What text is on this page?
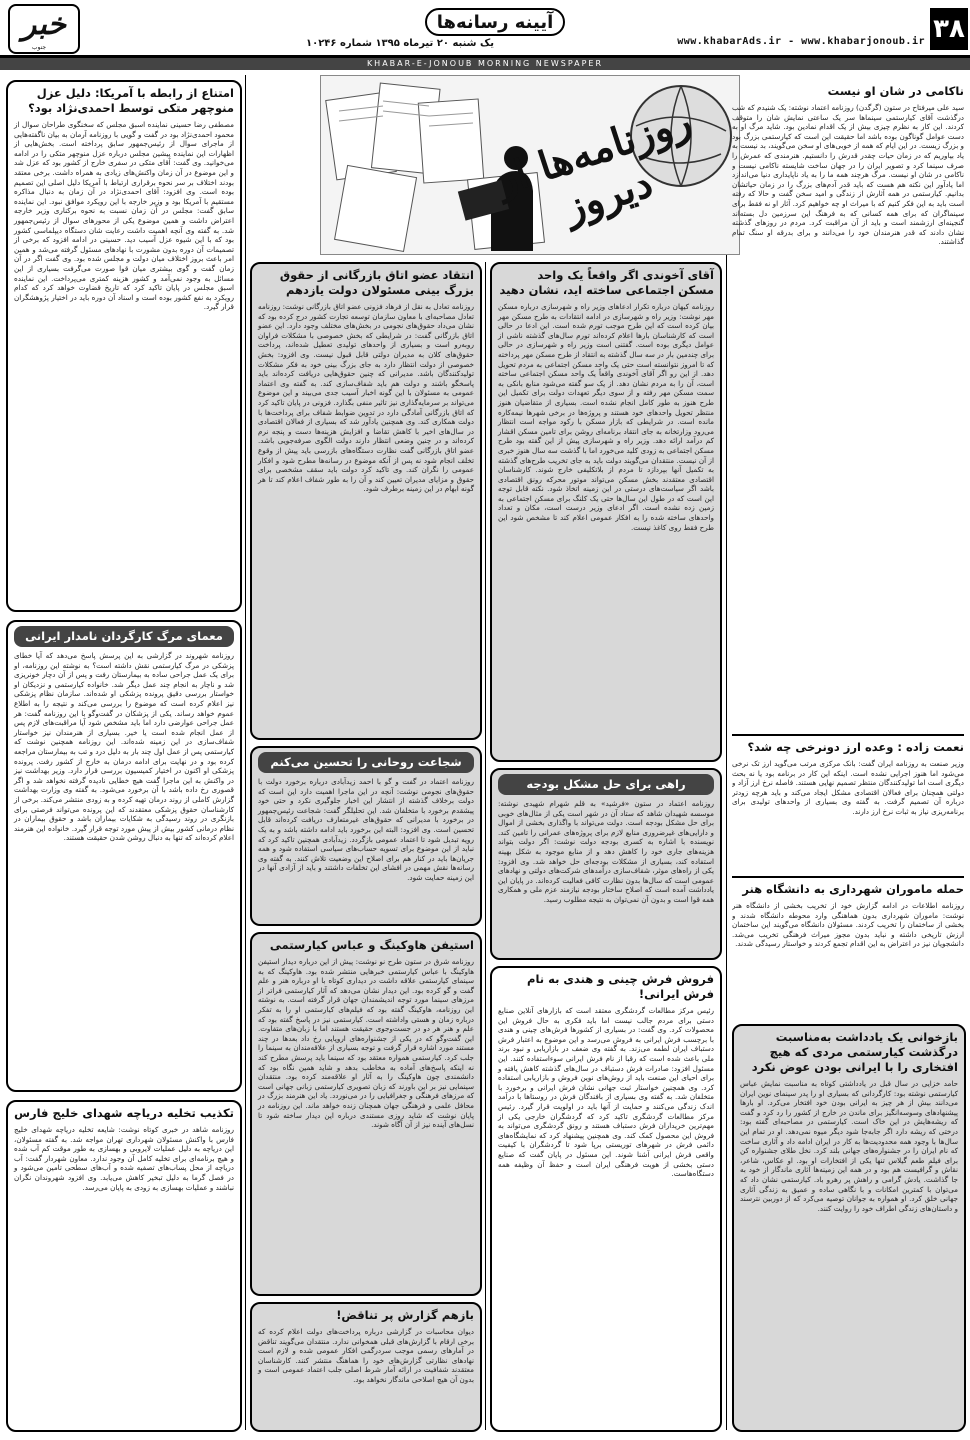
۳۸
www.khabarAds.ir - www.khabarjonoub.ir
آیینه رسانه‌ها
یک شنبه ۲۰ تیرماه ۱۳۹۵ شماره ۱۰۲۴۶
خبر
جنوب
KHABAR-E-JONOUB MORNING NEWSPAPER
روزنامه‌ها از دیروز
ناکامی در شان او نیست

سید علی میرفتاح در ستون (گرگدن) روزنامه اعتماد نوشته: یک شنیدم که شب درگذشت آقای کیارستمی سینماها سر یک ساعتی نمایش شان را متوقف کردند. این کار به نظرم چیزی بیش از یک اقدام نمادین بود. شاید مرگ او به دست عوامل گوناگون بوده باشد اما حقیقت این است که کیارستمی بزرگ بود و بزرگ زیست. در این ایام که همه از خوبی‌های او سخن می‌گویند، بد نیست به یاد بیاوریم که در زمان حیات چقدر قدرش را دانستیم. هنرمندی که عمرش را صرف سینما کرد و تصویر ایران را در جهان ساخت شایسته ناکامی نیست و ناکامی در شان او نیست. مرگ هرچند همه ما را به یاد ناپایداری دنیا می‌اندازد اما یادآور این نکته هم هست که باید قدر آدم‌های بزرگ را در زمان حیاتشان بدانیم. کیارستمی در همه آثارش از زندگی و امید سخن گفت و حالا که رفته است باید به این فکر کنیم که با میراث او چه خواهیم کرد. آثار او نه فقط برای سینماگران که برای همه کسانی که به فرهنگ این سرزمین دل بسته‌اند گنجینه‌ای ارزشمند است و باید از آن مراقبت کرد. مردم در روزهای گذشته نشان دادند که قدر هنرمندان خود را می‌دانند و برای بدرقه او سنگ تمام گذاشتند.

نعمت زاده : وعده ارز دونرخی چه شد؟

وزیر صنعت به روزنامه ایران گفت: بانک مرکزی مرتب می‌گوید ارز تک نرخی می‌شود اما هنوز اجرایی نشده است. اینکه این کار در برنامه بود یا نه بحث دیگری است اما تولیدکنندگان منتظر تصمیم نهایی هستند. فاصله نرخ ارز آزاد و دولتی همچنان برای فعالان اقتصادی مشکل ایجاد می‌کند و باید هرچه زودتر درباره آن تصمیم گرفت. به گفته وی بسیاری از واحدهای تولیدی برای برنامه‌ریزی نیاز به ثبات نرخ ارز دارند.

حمله ماموران شهرداری به دانشگاه هنر

روزنامه اطلاعات در ادامه گزارش خود از تخریب بخشی از دانشگاه هنر نوشت: ماموران شهرداری بدون هماهنگی وارد محوطه دانشگاه شدند و بخشی از ساختمان را تخریب کردند. مسئولان دانشگاه می‌گویند این ساختمان ارزش تاریخی داشته و نباید بدون مجوز میراث فرهنگی تخریب می‌شد. دانشجویان نیز در اعتراض به این اقدام تجمع کردند و خواستار رسیدگی شدند.

بازخوانی یک یادداشت به‌مناسبت درگذشت کیارستمی مردی که هیچ افتخاری را با ایرانی بودن عوض نکرد

حامد خزایی در سال قبل در یادداشتی کوتاه به مناسبت نمایش عباس کیارستمی نوشته بود: کارگردانی که بسیاری او را پدر سینمای نوین ایران می‌دانند بیش از هر چیز به ایرانی بودن خود افتخار می‌کرد. او بارها پیشنهادهای وسوسه‌انگیز برای ماندن در خارج از کشور را رد کرد و گفت که ریشه‌هایش در این خاک است. کیارستمی در مصاحبه‌ای گفته بود: درختی که ریشه دارد اگر جابه‌جا شود دیگر میوه نمی‌دهد. او در تمام این سال‌ها با وجود همه محدودیت‌ها به کار در ایران ادامه داد و آثاری ساخت که نام ایران را در جشنواره‌های جهانی بلند کرد. نخل طلای جشنواره کن برای فیلم طعم گیلاس تنها یکی از افتخارات او بود. او عکاس، شاعر، نقاش و گرافیست هم بود و در همه این زمینه‌ها آثاری ماندگار از خود به جا گذاشت. یادش گرامی و راهش پر رهرو باد. کیارستمی نشان داد که می‌توان با کمترین امکانات و با نگاهی ساده و عمیق به زندگی آثاری جهانی خلق کرد. او همواره به جوانان توصیه می‌کرد که از دوربین نترسند و داستان‌های زندگی اطراف خود را روایت کنند.

آقای آخوندی اگر واقعاً یک واحد مسکن اجتماعی ساخته اید، نشان دهید

روزنامه کیهان درباره تکرار ادعاهای وزیر راه و شهرسازی درباره مسکن مهر نوشت: وزیر راه و شهرسازی در ادامه انتقادات به طرح مسکن مهر بیان کرده است که این طرح موجب تورم شده است. این ادعا در حالی است که کارشناسان بارها اعلام کرده‌اند تورم سال‌های گذشته ناشی از عوامل دیگری بوده است. گفتنی است وزیر راه و شهرسازی در حالی برای چندمین بار در سه سال گذشته به انتقاد از طرح مسکن مهر پرداخته که تا امروز نتوانسته است حتی یک واحد مسکن اجتماعی به مردم تحویل دهد. از این رو اگر آقای آخوندی واقعاً یک واحد مسکن اجتماعی ساخته است، آن را به مردم نشان دهد. از یک سو گفته می‌شود منابع بانکی به سمت مسکن مهر رفته و از سوی دیگر تعهدات دولت برای تکمیل این طرح هنوز به طور کامل انجام نشده است. بسیاری از متقاضیان هنوز منتظر تحویل واحدهای خود هستند و پروژه‌ها در برخی شهرها نیمه‌کاره مانده است. در شرایطی که بازار مسکن با رکود مواجه است انتظار می‌رود وزارتخانه به جای انتقاد برنامه‌ای روشن برای تامین مسکن اقشار کم درآمد ارائه دهد. وزیر راه و شهرسازی پیش از این گفته بود طرح مسکن اجتماعی به زودی کلید می‌خورد اما با گذشت سه سال هنوز خبری از آن نیست. منتقدان می‌گویند دولت باید به جای تخریب طرح‌های گذشته به تکمیل آنها بپردازد تا مردم از بلاتکلیفی خارج شوند. کارشناسان اقتصادی معتقدند بخش مسکن می‌تواند موتور محرکه رونق اقتصادی باشد اگر سیاست‌های درستی در این زمینه اتخاذ شود. نکته قابل توجه این است که در طول این سال‌ها حتی یک کلنگ برای مسکن اجتماعی به زمین زده نشده است. اگر ادعای وزیر درست است، مکان و تعداد واحدهای ساخته شده را به افکار عمومی اعلام کند تا مشخص شود این طرح فقط روی کاغذ نیست.

راهی برای حل مشکل بودجه

روزنامه اعتماد در ستون «فرشید» به قلم شهرام شهیدی نوشته: موسسه شهیدان شاهد که ستاد آن در شهر است یکی از مثال‌های خوبی برای حل مشکل بودجه است. دولت می‌تواند با واگذاری بخشی از اموال و دارایی‌های غیرضروری منابع لازم برای پروژه‌های عمرانی را تامین کند. نویسنده با اشاره به کسری بودجه دولت نوشت: اگر دولت بتواند هزینه‌های جاری خود را کاهش دهد و از منابع موجود به شکل بهینه استفاده کند، بسیاری از مشکلات بودجه‌ای حل خواهد شد. وی افزود: یکی از راه‌های موثر، شفاف‌سازی درآمدهای شرکت‌های دولتی و نهادهای عمومی است که سال‌ها بدون نظارت کافی فعالیت کرده‌اند. در پایان این یادداشت آمده است که اصلاح ساختار بودجه نیازمند عزم ملی و همکاری همه قوا است و بدون آن نمی‌توان به نتیجه مطلوب رسید.

فروش فرش چینی و هندی به نام فرش ایرانی!

رئیس مرکز مطالعات گردشگری معتقد است که بازارهای آنلاین صنایع دستی برای مردم جالب نیست اما باید فکری به حال فروش این محصولات کرد. وی گفت: در بسیاری از کشورها فرش‌های چینی و هندی با برچسب فرش ایرانی به فروش می‌رسد و این موضوع به اعتبار فرش دستباف ایران لطمه می‌زند. به گفته وی ضعف در بازاریابی و نبود برند ملی باعث شده است که رقبا از نام فرش ایرانی سوءاستفاده کنند. این مسئول افزود: صادرات فرش دستباف در سال‌های گذشته کاهش یافته و برای احیای این صنعت باید از روش‌های نوین فروش و بازاریابی استفاده کرد. وی همچنین خواستار ثبت جهانی نشان فرش ایرانی و برخورد با متخلفان شد. به گفته وی بسیاری از بافندگان فرش در روستاها با درآمد اندک زندگی می‌کنند و حمایت از آنها باید در اولویت قرار گیرد. رئیس مرکز مطالعات گردشگری تاکید کرد که گردشگران خارجی یکی از مهم‌ترین خریداران فرش دستباف هستند و رونق گردشگری می‌تواند به فروش این محصول کمک کند. وی همچنین پیشنهاد کرد که نمایشگاه‌های دائمی فرش در شهرهای توریستی برپا شود تا گردشگران با کیفیت واقعی فرش ایرانی آشنا شوند. این مسئول در پایان گفت که صنایع دستی بخشی از هویت فرهنگی ایران است و حفظ آن وظیفه همه دستگاه‌هاست.

انتقاد عضو اتاق بازرگانی از حقوق بزرگ بینی مسئولان دولت یازدهم

روزنامه تعادل به نقل از فرهاد فزونی عضو اتاق بازرگانی نوشت: روزنامه تعادل مصاحبه‌ای با معاون سازمان توسعه تجارت کشور درج کرده بود که نشان می‌داد حقوق‌های نجومی در بخش‌های مختلف وجود دارد. این عضو اتاق بازرگانی گفت: در شرایطی که بخش خصوصی با مشکلات فراوان روبه‌رو است و بسیاری از واحدهای تولیدی تعطیل شده‌اند، پرداخت حقوق‌های کلان به مدیران دولتی قابل قبول نیست. وی افزود: بخش خصوصی از دولت انتظار دارد به جای بزرگ بینی خود به فکر مشکلات تولیدکنندگان باشد. مدیرانی که چنین حقوق‌هایی دریافت کرده‌اند باید پاسخگو باشند و دولت هم باید شفاف‌سازی کند. به گفته وی اعتماد عمومی به مسئولان با این گونه اخبار آسیب جدی می‌بیند و این موضوع می‌تواند بر سرمایه‌گذاری نیز تاثیر منفی بگذارد. فزونی در پایان تاکید کرد که اتاق بازرگانی آمادگی دارد در تدوین ضوابط شفاف برای پرداخت‌ها با دولت همکاری کند. وی همچنین یادآور شد که بسیاری از فعالان اقتصادی در سال‌های اخیر با کاهش تقاضا و افزایش هزینه‌ها دست و پنجه نرم کرده‌اند و در چنین وضعی انتظار دارند دولت الگوی صرفه‌جویی باشد. عضو اتاق بازرگانی گفت نظارت دستگاه‌های بازرسی باید پیش از وقوع تخلف انجام شود نه پس از آنکه موضوع در رسانه‌ها مطرح شود و افکار عمومی را نگران کند. وی تاکید کرد دولت باید سقف مشخصی برای حقوق و مزایای مدیران تعیین کند و آن را به طور شفاف اعلام کند تا هر گونه ابهام در این زمینه برطرف شود.

شجاعت روحانی را تحسین می‌کنم

روزنامه اعتماد در گفت و گو با احمد زیدآبادی درباره برخورد دولت با حقوق‌های نجومی نوشت: آنچه در این ماجرا اهمیت دارد این است که دولت برخلاف گذشته از انتشار این اخبار جلوگیری نکرد و حتی خود پیشقدم برخورد با متخلفان شد. این تحلیلگر گفت: شجاعت رئیس‌جمهور در برخورد با مدیرانی که حقوق‌های غیرمتعارف دریافت کرده‌اند قابل تحسین است. وی افزود: البته این برخورد باید ادامه داشته باشد و به یک رویه تبدیل شود تا اعتماد عمومی بازگردد. زیدآبادی همچنین تاکید کرد که نباید از این موضوع برای تسویه حساب‌های سیاسی استفاده شود و همه جریان‌ها باید در کنار هم برای اصلاح این وضعیت تلاش کنند. به گفته وی رسانه‌ها نقش مهمی در افشای این تخلفات داشتند و باید از آزادی آنها در این زمینه حمایت شود.

استیفن هاوکینگ و عباس کیارستمی

روزنامه شرق در ستون طرح نو نوشت: پیش از این درباره دیدار استیفن هاوکینگ با عباس کیارستمی خبرهایی منتشر شده بود. هاوکینگ که به سینمای کیارستمی علاقه داشت در دیداری کوتاه با او درباره هنر و علم گفت و گو کرده بود. این دیدار نشان می‌دهد که آثار کیارستمی فراتر از مرزهای سینما مورد توجه اندیشمندان جهان قرار گرفته است. به نوشته این روزنامه، هاوکینگ گفته بود که فیلم‌های کیارستمی او را به تفکر درباره زمان و هستی واداشته است. کیارستمی نیز در پاسخ گفته بود که علم و هنر هر دو در جست‌وجوی حقیقت هستند اما با زبان‌های متفاوت. این گفت‌وگو که در یکی از جشنواره‌های اروپایی رخ داد بعدها در چند مستند مورد اشاره قرار گرفت و توجه بسیاری از علاقه‌مندان به سینما را جلب کرد. کیارستمی همواره معتقد بود که سینما باید پرسش مطرح کند نه اینکه پاسخ‌های آماده به مخاطب بدهد و شاید همین نگاه بود که دانشمندی چون هاوکینگ را به آثار او علاقه‌مند کرده بود. منتقدان سینمایی نیز بر این باورند که زبان تصویری کیارستمی زبانی جهانی است که مرزهای فرهنگی و جغرافیایی را در می‌نوردد. یاد این هنرمند بزرگ در محافل علمی و فرهنگی جهان همچنان زنده خواهد ماند. این روزنامه در پایان نوشت که شاید روزی مستندی درباره این دیدار ساخته شود تا نسل‌های آینده نیز از آن آگاه شوند.

بازهم گزارش پر تناقض!

دیوان محاسبات در گزارشی درباره پرداخت‌های دولت اعلام کرده که برخی ارقام با گزارش‌های قبلی همخوانی ندارد. منتقدان می‌گویند تناقض در آمارهای رسمی موجب سردرگمی افکار عمومی شده و لازم است نهادهای نظارتی گزارش‌های خود را هماهنگ منتشر کنند. کارشناسان معتقدند شفافیت در ارائه آمار شرط اصلی جلب اعتماد عمومی است و بدون آن هیچ اصلاحی ماندگار نخواهد بود.

امتناع از رابطه با آمریکا: دلیل عزل منوچهر متکی توسط احمدی‌نژاد بود؟

مصطفی رضا حسینی نماینده اسبق مجلس که سخنگوی طراحان سوال از محمود احمدی‌نژاد بود در گفت و گویی با روزنامه آرمان به بیان ناگفته‌هایی از ماجرای سوال از رئیس‌جمهور سابق پرداخته است. بخش‌هایی از اظهارات این نماینده پیشین مجلس درباره عزل منوچهر متکی را در ادامه می‌خوانید. وی گفت: آقای متکی در سفری خارج از کشور بود که عزل شد و این موضوع در آن زمان واکنش‌های زیادی به همراه داشت. برخی معتقد بودند اختلاف بر سر نحوه برقراری ارتباط با آمریکا دلیل اصلی این تصمیم بوده است. وی افزود: آقای احمدی‌نژاد در آن زمان به دنبال مذاکره مستقیم با آمریکا بود و وزیر خارجه با این رویکرد موافق نبود. این نماینده سابق گفت: مجلس در آن زمان نسبت به نحوه برکناری وزیر خارجه اعتراض داشت و همین موضوع یکی از محورهای سوال از رئیس‌جمهور شد. به گفته وی آنچه اهمیت داشت رعایت شان دستگاه دیپلماسی کشور بود که با این شیوه عزل آسیب دید. حسینی در ادامه افزود که برخی از تصمیمات آن دوره بدون مشورت با نهادهای مسئول گرفته می‌شد و همین امر باعث بروز اختلاف میان دولت و مجلس شده بود. وی گفت اگر در آن زمان گفت و گوی بیشتری میان قوا صورت می‌گرفت بسیاری از این مسائل به وجود نمی‌آمد و کشور هزینه کمتری می‌پرداخت. این نماینده اسبق مجلس در پایان تاکید کرد که تاریخ قضاوت خواهد کرد که کدام رویکرد به نفع کشور بوده است و اسناد آن دوره باید در اختیار پژوهشگران قرار گیرد.

معمای مرگ کارگردان نامدار ایرانی

روزنامه شهروند در گزارشی به این پرسش پاسخ می‌دهد که آیا خطای پزشکی در مرگ کیارستمی نقش داشته است؟ به نوشته این روزنامه، او برای یک عمل جراحی ساده به بیمارستان رفت و پس از آن دچار خونریزی شد و ناچار به انجام چند عمل دیگر شد. خانواده کیارستمی و نزدیکان او خواستار بررسی دقیق پرونده پزشکی او شده‌اند. سازمان نظام پزشکی نیز اعلام کرده است که موضوع را بررسی می‌کند و نتیجه را به اطلاع عموم خواهد رساند. یکی از پزشکان در گفت‌وگو با این روزنامه گفت: هر عمل جراحی عوارضی دارد اما باید مشخص شود آیا مراقبت‌های لازم پس از عمل انجام شده است یا خیر. بسیاری از هنرمندان نیز خواستار شفاف‌سازی در این زمینه شده‌اند. این روزنامه همچنین نوشت که کیارستمی پس از عمل اول چند بار به دلیل درد و تب به بیمارستان مراجعه کرده بود و در نهایت برای ادامه درمان به خارج از کشور رفت. پرونده پزشکی او اکنون در اختیار کمیسیون بررسی قرار دارد. وزیر بهداشت نیز در واکنش به این ماجرا گفت هیچ خطایی نادیده گرفته نخواهد شد و اگر قصوری رخ داده باشد با آن برخورد می‌شود. به گفته وی وزارت بهداشت گزارش کاملی از روند درمان تهیه کرده و به زودی منتشر می‌کند. برخی از کارشناسان حقوق پزشکی معتقدند که این پرونده می‌تواند فرصتی برای بازنگری در روند رسیدگی به شکایات بیماران باشد و حقوق بیماران در نظام درمانی کشور بیش از پیش مورد توجه قرار گیرد. خانواده این هنرمند اعلام کرده‌اند که تنها به دنبال روشن شدن حقیقت هستند.

تکذیب تخلیه دریاچه شهدای خلیج فارس

روزنامه شاهد در خبری کوتاه نوشت: شایعه تخلیه دریاچه شهدای خلیج فارس با واکنش مسئولان شهرداری تهران مواجه شد. به گفته مسئولان، این دریاچه به دلیل عملیات لایروبی و بهسازی به طور موقت کم آب شده و هیچ برنامه‌ای برای تخلیه کامل آن وجود ندارد. معاون شهردار گفت: آب دریاچه از محل پساب‌های تصفیه شده و آب‌های سطحی تامین می‌شود و در فصل گرما به دلیل تبخیر کاهش می‌یابد. وی افزود شهروندان نگران نباشند و عملیات بهسازی به زودی به پایان می‌رسد.
